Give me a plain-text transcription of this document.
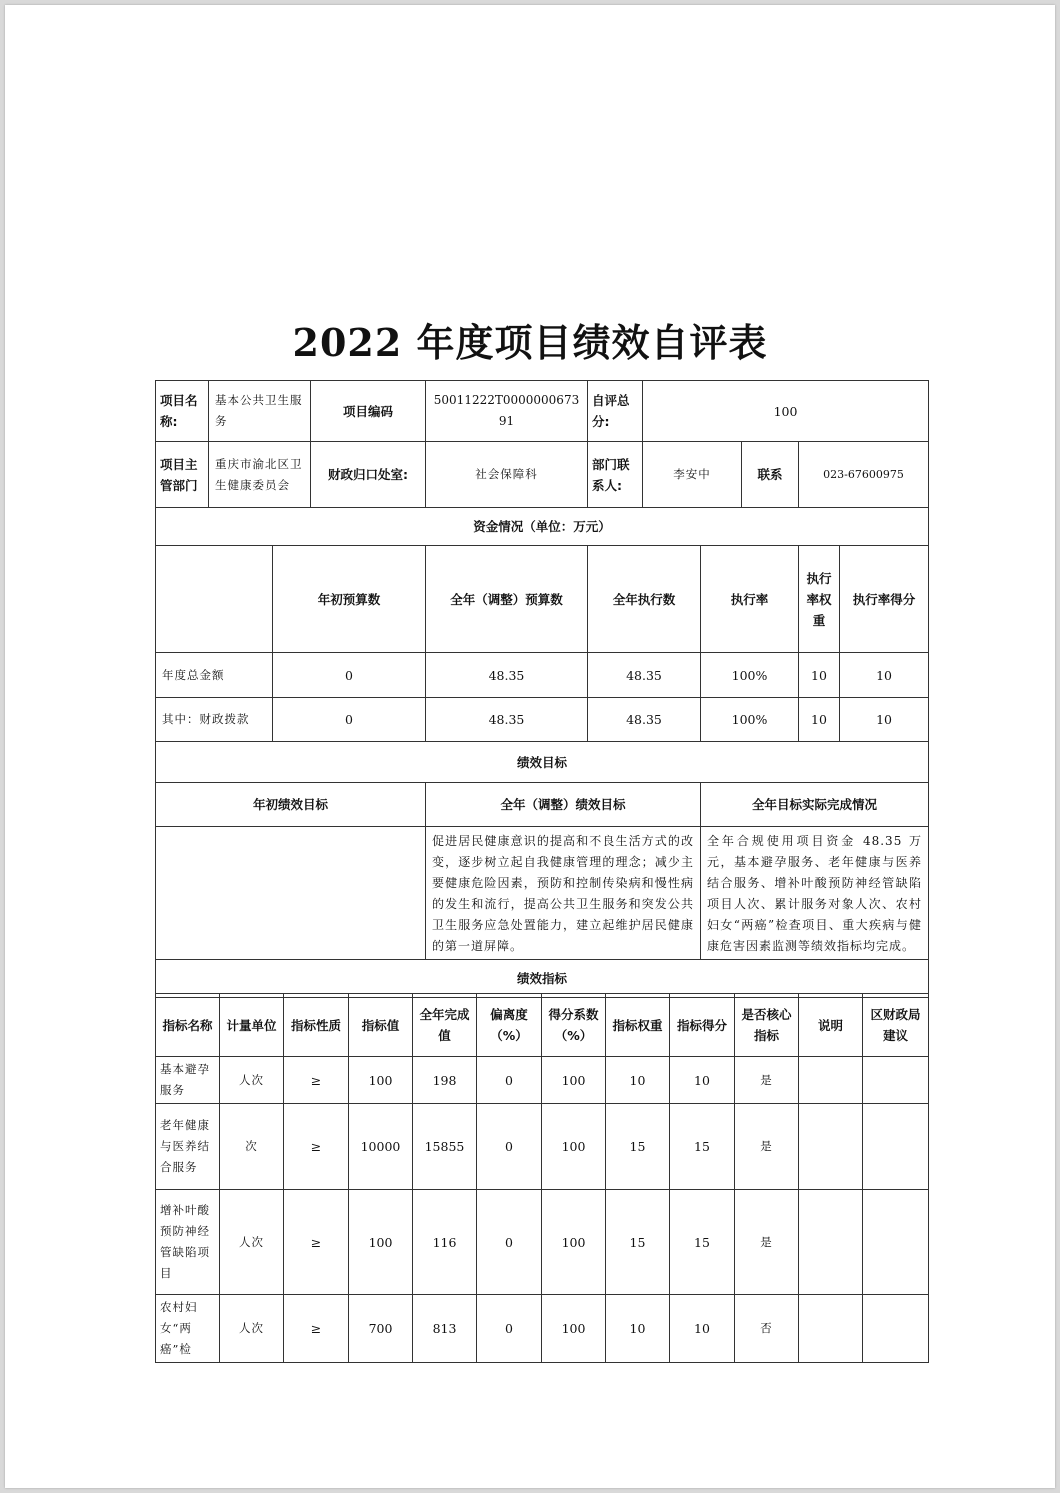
2022 年度项目绩效自评表
项目名称:	基本公共卫生服务		项目编码	50011222T000000067391	自评总分:	100				
项目主管部门	重庆市渝北区卫生健康委员会		财政归口处室:	社会保障科	部门联系人:	李安中		联系	023-67600975	
资金情况（单位：万元）										
		年初预算数		全年（调整）预算数	全年执行数		执行率		执行率权重	执行率得分
年度总金额		0		48.35	48.35		100%		10	10
其中：财政拨款		0		48.35	48.35		100%		10	10
绩效目标										
年初绩效目标				全年（调整）绩效目标			全年目标实际完成情况			
				促进居民健康意识的提高和不良生活方式的改变，逐步树立起自我健康管理的理念；减少主要健康危险因素，预防和控制传染病和慢性病的发生和流行，提高公共卫生服务和突发公共卫生服务应急处置能力，建立起维护居民健康的第一道屏障。			全年合规使用项目资金 48.35 万元，基本避孕服务、老年健康与医养结合服务、增补叶酸预防神经管缺陷项目人次、累计服务对象人次、农村妇女“两癌”检查项目、重大疾病与健康危害因素监测等绩效指标均完成。			
绩效指标										
指标名称	计量单位	指标性质	指标值	全年完成值	偏离度（%）	得分系数（%）	指标权重	指标得分	是否核心指标	说明	区财政局建议
基本避孕服务	人次	≥	100	198	0	100	10	10	是		
老年健康与医养结合服务	次	≥	10000	15855	0	100	15	15	是		
增补叶酸预防神经管缺陷项目	人次	≥	100	116	0	100	15	15	是		
农村妇女“两癌”检	人次	≥	700	813	0	100	10	10	否		
